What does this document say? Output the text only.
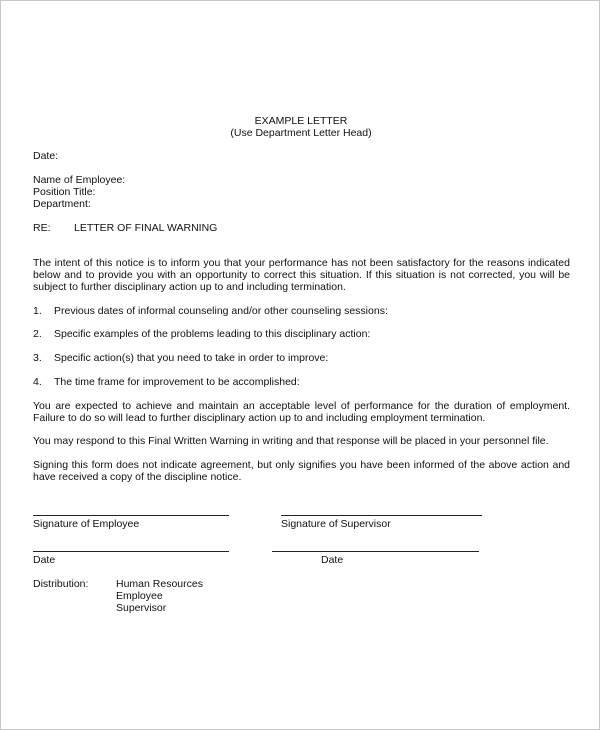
EXAMPLE LETTER
(Use Department Letter Head)
Date:
Name of Employee:
Position Title:
Department:
RE: LETTER OF FINAL WARNING

The intent of this notice is to inform you that your performance has not been satisfactory for the reasons indicated below and to provide you with an opportunity to correct this situation. If this situation is not corrected, you will be subject to further disciplinary action up to and including termination.

1. Previous dates of informal counseling and/or other counseling sessions:
2. Specific examples of the problems leading to this disciplinary action:
3. Specific action(s) that you need to take in order to improve:
4. The time frame for improvement to be accomplished:

You are expected to achieve and maintain an acceptable level of performance for the duration of employment. Failure to do so will lead to further disciplinary action up to and including employment termination.

You may respond to this Final Written Warning in writing and that response will be placed in your personnel file.

Signing this form does not indicate agreement, but only signifies you have been informed of the above action and have received a copy of the discipline notice.

Signature of Employee	Signature of Supervisor
Date	Date
Distribution:	Human Resources
Employee
Supervisor
